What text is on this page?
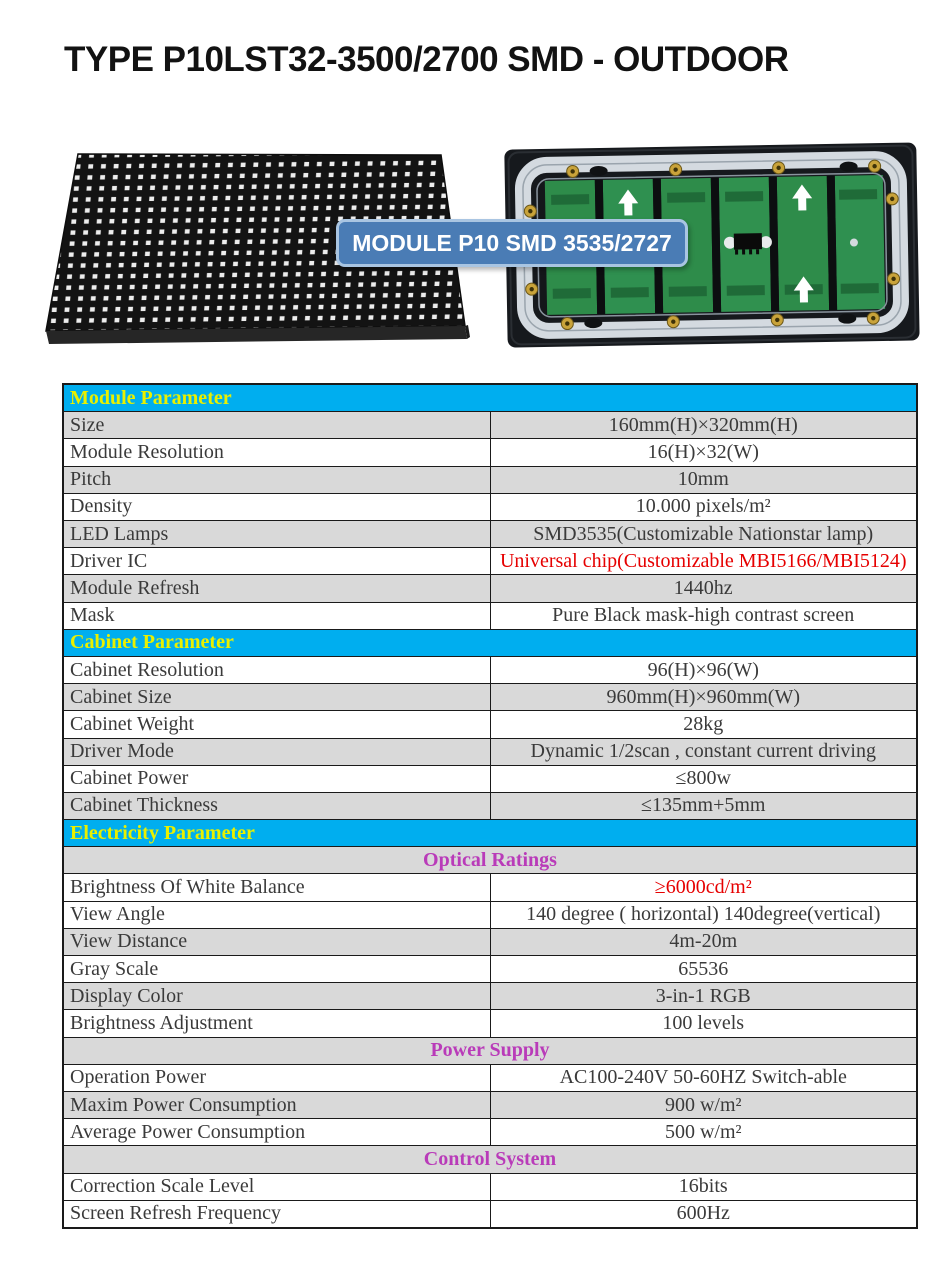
TYPE P10LST32-3500/2700 SMD - OUTDOOR
MODULE P10 SMD 3535/2727
Module Parameter	
Size	160mm(H)×320mm(H)
Module Resolution	16(H)×32(W)
Pitch	10mm
Density	10.000 pixels/m²
LED Lamps	SMD3535(Customizable Nationstar lamp)
Driver IC	Universal chip(Customizable MBI5166/MBI5124)
Module Refresh	1440hz
Mask	Pure Black mask-high contrast screen
Cabinet Parameter	
Cabinet Resolution	96(H)×96(W)
Cabinet Size	960mm(H)×960mm(W)
Cabinet Weight	28kg
Driver Mode	Dynamic 1/2scan , constant current driving
Cabinet Power	≤800w
Cabinet Thickness	≤135mm+5mm
Electricity Parameter	
Optical Ratings	
Brightness Of White Balance	≥6000cd/m²
View Angle	140 degree ( horizontal) 140degree(vertical)
View Distance	4m-20m
Gray Scale	65536
Display Color	3-in-1 RGB
Brightness Adjustment	100 levels
Power Supply	
Operation Power	AC100-240V 50-60HZ Switch-able
Maxim Power Consumption	900 w/m²
Average Power Consumption	500 w/m²
Control System	
Correction Scale Level	16bits
Screen Refresh Frequency	600Hz
